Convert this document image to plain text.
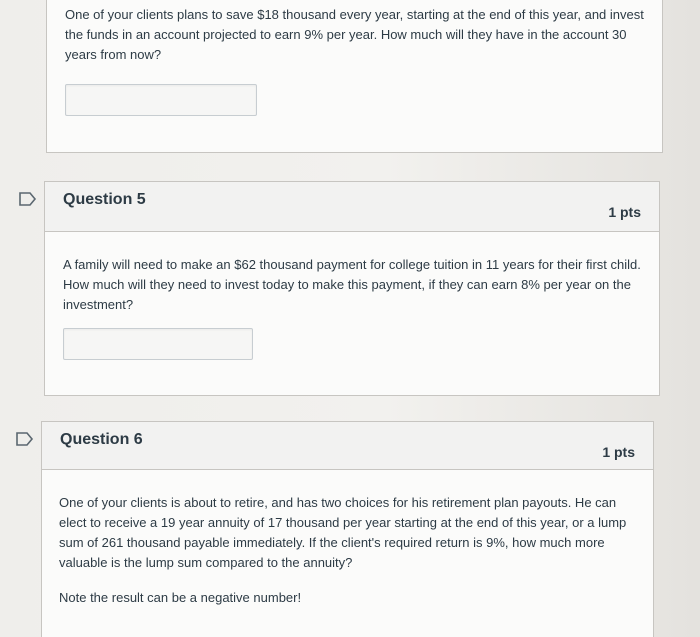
One of your clients plans to save $18 thousand every year, starting at the end of this year, and invest the funds in an account projected to earn 9% per year. How much will they have in the account 30 years from now?
Question 5
1 pts
A family will need to make an $62 thousand payment for college tuition in 11 years for their first child. How much will they need to invest today to make this payment, if they can earn 8% per year on the investment?
Question 6
1 pts
One of your clients is about to retire, and has two choices for his retirement plan payouts. He can elect to receive a 19 year annuity of 17 thousand per year starting at the end of this year, or a lump sum of 261 thousand payable immediately. If the client's required return is 9%, how much more valuable is the lump sum compared to the annuity?
Note the result can be a negative number!
